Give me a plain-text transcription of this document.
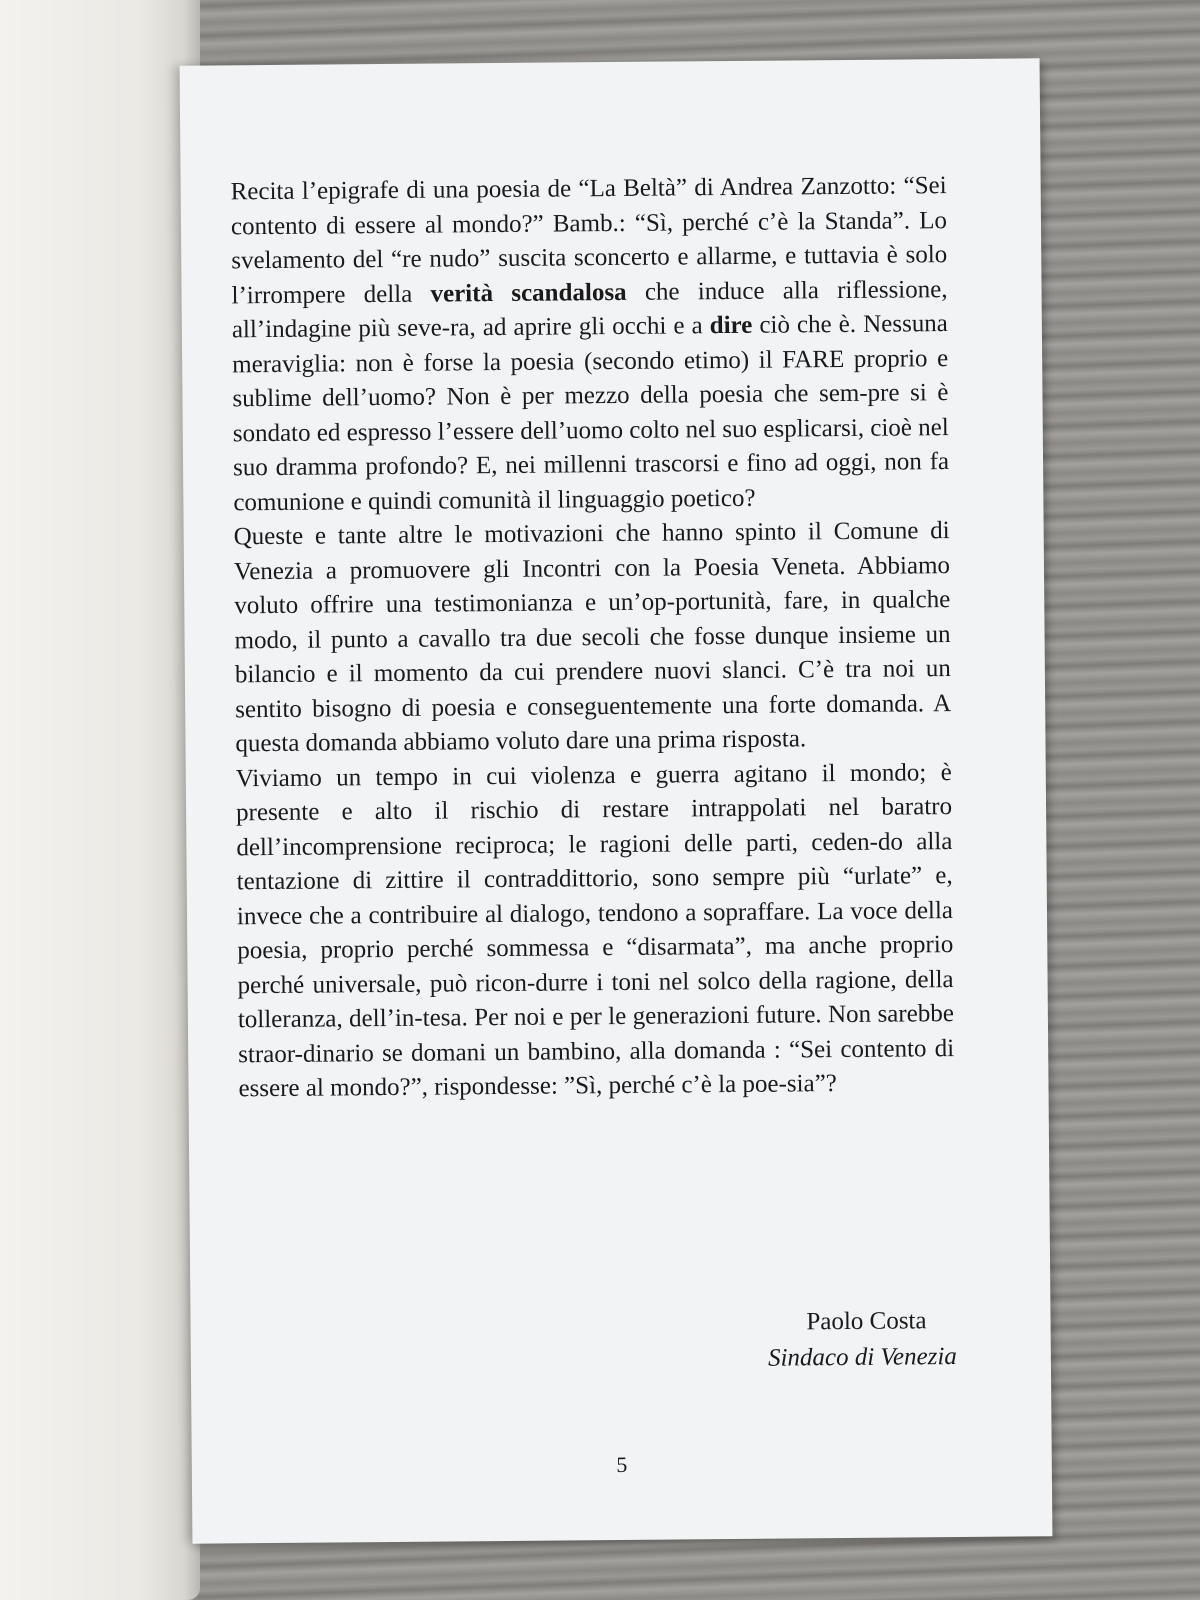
Recita l’epigrafe di una poesia de “La Beltà” di Andrea Zanzotto: “Sei contento di essere al mondo?” Bamb.: “Sì, perché c’è la Standa”. Lo svelamento del “re nudo” suscita sconcerto e allarme, e tuttavia è solo l’irrompere della verità scandalosa che induce alla riflessione, all’indagine più seve-ra, ad aprire gli occhi e a dire ciò che è. Nessuna meraviglia: non è forse la poesia (secondo etimo) il FARE proprio e sublime dell’uomo? Non è per mezzo della poesia che sem-pre si è sondato ed espresso l’essere dell’uomo colto nel suo esplicarsi, cioè nel suo dramma profondo? E, nei millenni trascorsi e fino ad oggi, non fa comunione e quindi comunità il linguaggio poetico?

Queste e tante altre le motivazioni che hanno spinto il Comune di Venezia a promuovere gli Incontri con la Poesia Veneta. Abbiamo voluto offrire una testimonianza e un’op-portunità, fare, in qualche modo, il punto a cavallo tra due secoli che fosse dunque insieme un bilancio e il momento da cui prendere nuovi slanci. C’è tra noi un sentito bisogno di poesia e conseguentemente una forte domanda. A questa domanda abbiamo voluto dare una prima risposta.

Viviamo un tempo in cui violenza e guerra agitano il mondo; è presente e alto il rischio di restare intrappolati nel baratro dell’incomprensione reciproca; le ragioni delle parti, ceden-do alla tentazione di zittire il contraddittorio, sono sempre più “urlate” e, invece che a contribuire al dialogo, tendono a sopraffare. La voce della poesia, proprio perché sommessa e “disarmata”, ma anche proprio perché universale, può ricon-durre i toni nel solco della ragione, della tolleranza, dell’in-tesa. Per noi e per le generazioni future. Non sarebbe straor-dinario se domani un bambino, alla domanda : “Sei contento di essere al mondo?”, rispondesse: ”Sì, perché c’è la poe-sia”?

Paolo Costa
Sindaco di Venezia
5
